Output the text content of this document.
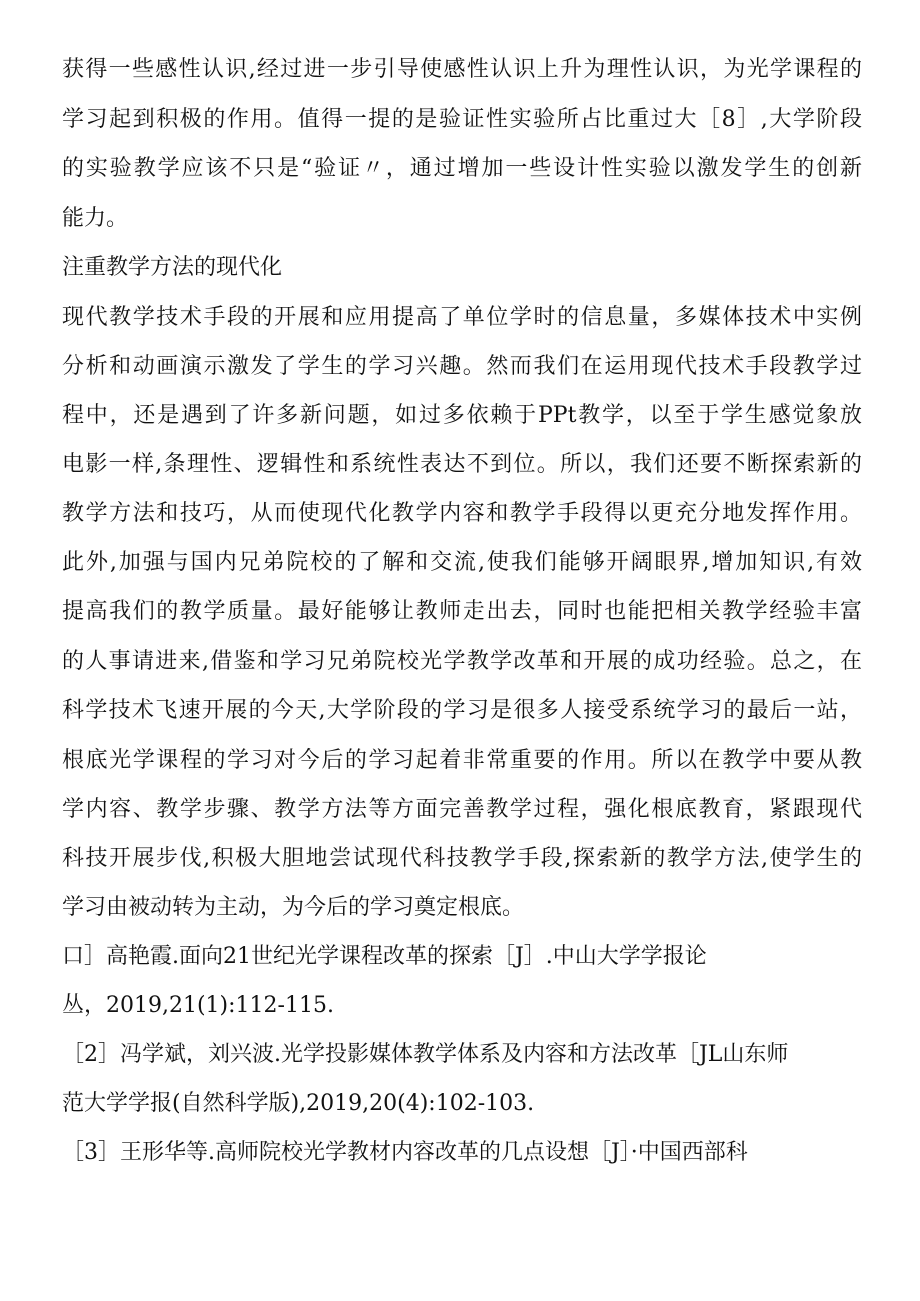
获得一些感性认识,经过进一步引导使感性认识上升为理性认识，为光学课程的
学习起到积极的作用。值得一提的是验证性实验所占比重过大［8］,大学阶段
的实验教学应该不只是“验证〃，通过增加一些设计性实验以激发学生的创新
能力。
注重教学方法的现代化
现代教学技术手段的开展和应用提高了单位学时的信息量，多媒体技术中实例
分析和动画演示激发了学生的学习兴趣。然而我们在运用现代技术手段教学过
程中，还是遇到了许多新问题，如过多依赖于PPt教学，以至于学生感觉象放
电影一样,条理性、逻辑性和系统性表达不到位。所以，我们还要不断探索新的
教学方法和技巧，从而使现代化教学内容和教学手段得以更充分地发挥作用。
此外,加强与国内兄弟院校的了解和交流,使我们能够开阔眼界,增加知识,有效
提高我们的教学质量。最好能够让教师走出去，同时也能把相关教学经验丰富
的人事请进来,借鉴和学习兄弟院校光学教学改革和开展的成功经验。总之，在
科学技术飞速开展的今天,大学阶段的学习是很多人接受系统学习的最后一站，
根底光学课程的学习对今后的学习起着非常重要的作用。所以在教学中要从教
学内容、教学步骤、教学方法等方面完善教学过程，强化根底教育，紧跟现代
科技开展步伐,积极大胆地尝试现代科技教学手段,探索新的教学方法,使学生的
学习由被动转为主动，为今后的学习奠定根底。
口］高艳霞.面向21世纪光学课程改革的探索［J］.中山大学学报论
丛，2019,21(1):112-115.
［2］冯学斌，刘兴波.光学投影媒体教学体系及内容和方法改革［JL山东师
范大学学报(自然科学版),2019,20(4):102-103.
［3］王形华等.高师院校光学教材内容改革的几点设想［J］·中国西部科
